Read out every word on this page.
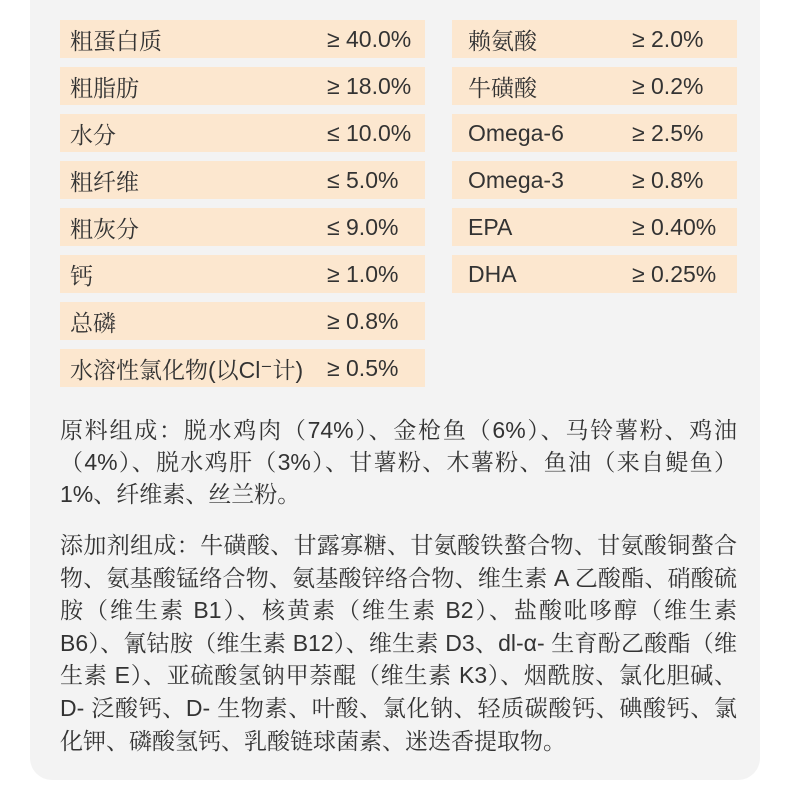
粗蛋白质	≥ 40.0%
粗脂肪	≥ 18.0%
水分	≤ 10.0%
粗纤维	≤ 5.0%
粗灰分	≤ 9.0%
钙	≥ 1.0%
总磷	≥ 0.8%
水溶性氯化物(以Cl⁻计)	≥ 0.5%
赖氨酸	≥ 2.0%
牛磺酸	≥ 0.2%
Omega-6	≥ 2.5%
Omega-3	≥ 0.8%
EPA	≥ 0.40%
DHA	≥ 0.25%

原料组成：脱水鸡肉（74%）、金枪鱼（6%）、马铃薯粉、鸡油（4%）、脱水鸡肝（3%）、甘薯粉、木薯粉、鱼油（来自鳀鱼）1%、纤维素、丝兰粉。

添加剂组成：牛磺酸、甘露寡糖、甘氨酸铁螯合物、甘氨酸铜螯合物、氨基酸锰络合物、氨基酸锌络合物、维生素 A 乙酸酯、硝酸硫胺（维生素 B1）、核黄素（维生素 B2）、盐酸吡哆醇（维生素 B6）、氰钴胺（维生素 B12）、维生素 D3、dl-α- 生育酚乙酸酯（维生素 E）、亚硫酸氢钠甲萘醌（维生素 K3）、烟酰胺、氯化胆碱、D- 泛酸钙、D- 生物素、叶酸、氯化钠、轻质碳酸钙、碘酸钙、氯化钾、磷酸氢钙、乳酸链球菌素、迷迭香提取物。
